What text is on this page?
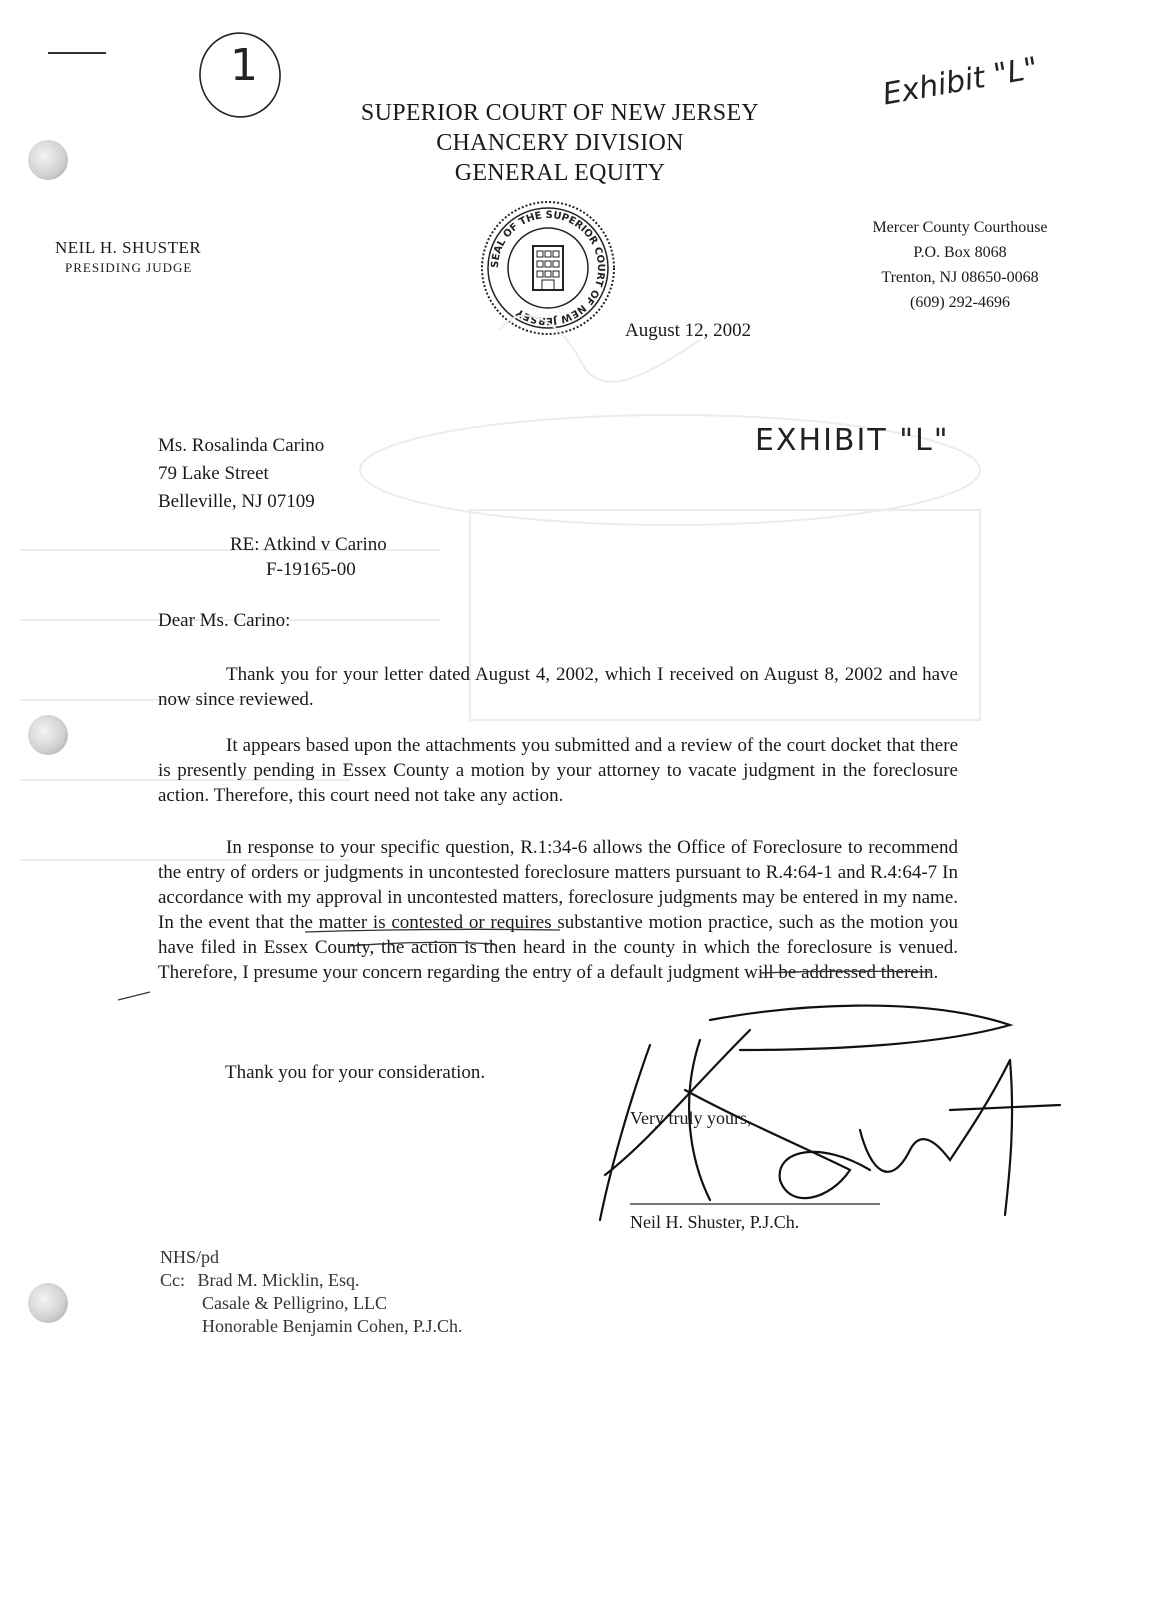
1
SUPERIOR COURT OF NEW JERSEY
CHANCERY DIVISION
GENERAL EQUITY
Exhibit "L"
NEIL H. SHUSTER
PRESIDING JUDGE	SEAL OF THE SUPERIOR COURT OF NEW JERSEY
Mercer County Courthouse
P.O. Box 8068
Trenton, NJ 08650-0068
(609) 292-4696
August 12, 2002
EXHIBIT "L"
Ms. Rosalinda Carino
79 Lake Street
Belleville, NJ 07109
RE: Atkind v Carino
F-19165-00
Dear Ms. Carino:
Thank you for your letter dated August 4, 2002, which I received on August 8, 2002 and have now since reviewed.
It appears based upon the attachments you submitted and a review of the court docket that there is presently pending in Essex County a motion by your attorney to vacate judgment in the foreclosure action. Therefore, this court need not take any action.
In response to your specific question, R.1:34-6 allows the Office of Foreclosure to recommend the entry of orders or judgments in uncontested foreclosure matters pursuant to R.4:64-1 and R.4:64-7 In accordance with my approval in uncontested matters, foreclosure judgments may be entered in my name. In the event that the matter is contested or requires substantive motion practice, such as the motion you have filed in Essex County, the action is then heard in the county in which the foreclosure is venued. Therefore, I presume your concern regarding the entry of a default judgment will be addressed therein.
Thank you for your consideration.
Very truly yours,
Neil H. Shuster, P.J.Ch.
NHS/pd
Cc: Brad M. Micklin, Esq.
Casale & Pelligrino, LLC
Honorable Benjamin Cohen, P.J.Ch.
